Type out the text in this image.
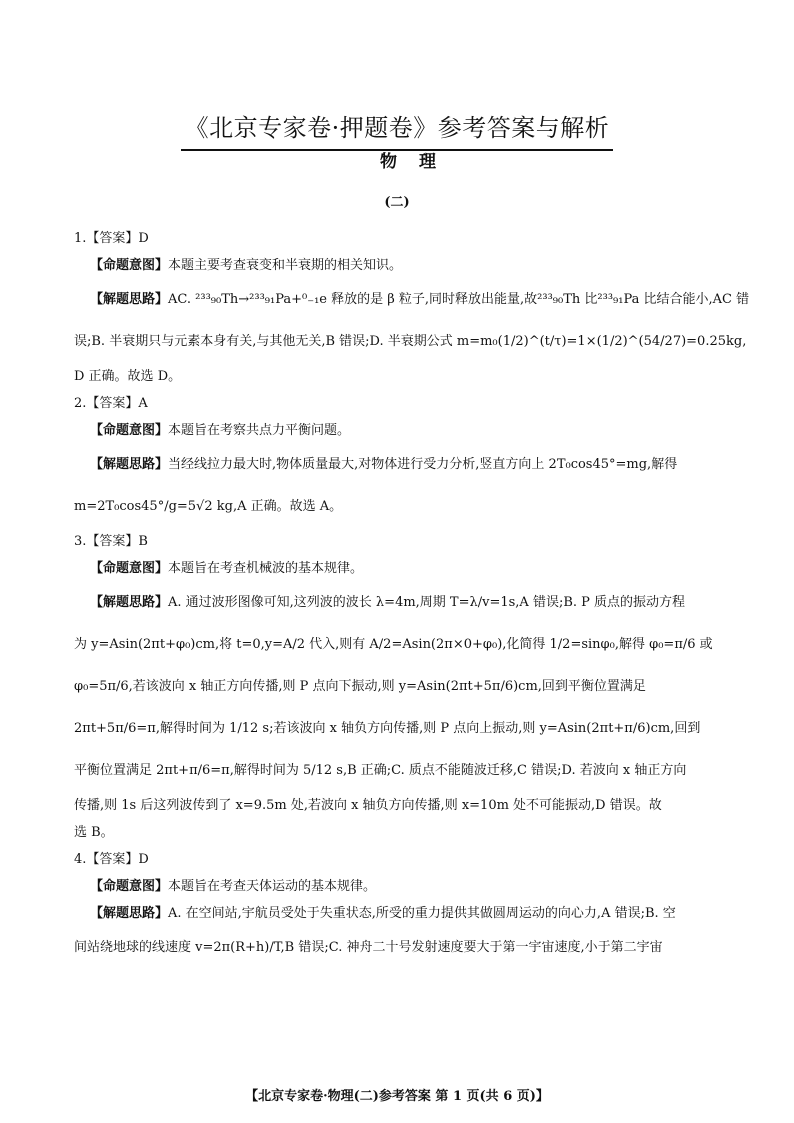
《北京专家卷·押题卷》参考答案与解析
物理
(二)
1.【答案】D
【命题意图】本题主要考查衰变和半衰期的相关知识。
【解题思路】AC. ²³³₉₀Th→²³³₉₁Pa+⁰₋₁e 释放的是 β 粒子,同时释放出能量,故²³³₉₀Th 比²³³₉₁Pa 比结合能小,AC 错
误;B. 半衰期只与元素本身有关,与其他无关,B 错误;D. 半衰期公式 m=m₀(1/2)^(t/τ)=1×(1/2)^(54/27)=0.25kg,
D 正确。故选 D。
2.【答案】A
【命题意图】本题旨在考察共点力平衡问题。
【解题思路】当经线拉力最大时,物体质量最大,对物体进行受力分析,竖直方向上 2T₀cos45°=mg,解得
m=2T₀cos45°/g=5√2 kg,A 正确。故选 A。
3.【答案】B
【命题意图】本题旨在考查机械波的基本规律。
【解题思路】A. 通过波形图像可知,这列波的波长 λ=4m,周期 T=λ/v=1s,A 错误;B. P 质点的振动方程
为 y=Asin(2πt+φ₀)cm,将 t=0,y=A/2 代入,则有 A/2=Asin(2π×0+φ₀),化简得 1/2=sinφ₀,解得 φ₀=π/6 或
φ₀=5π/6,若该波向 x 轴正方向传播,则 P 点向下振动,则 y=Asin(2πt+5π/6)cm,回到平衡位置满足
2πt+5π/6=π,解得时间为 1/12 s;若该波向 x 轴负方向传播,则 P 点向上振动,则 y=Asin(2πt+π/6)cm,回到
平衡位置满足 2πt+π/6=π,解得时间为 5/12 s,B 正确;C. 质点不能随波迁移,C 错误;D. 若波向 x 轴正方向
传播,则 1s 后这列波传到了 x=9.5m 处,若波向 x 轴负方向传播,则 x=10m 处不可能振动,D 错误。故
选 B。
4.【答案】D
【命题意图】本题旨在考查天体运动的基本规律。
【解题思路】A. 在空间站,宇航员受处于失重状态,所受的重力提供其做圆周运动的向心力,A 错误;B. 空
间站绕地球的线速度 v=2π(R+h)/T,B 错误;C. 神舟二十号发射速度要大于第一宇宙速度,小于第二宇宙
【北京专家卷·物理(二)参考答案 第 1 页(共 6 页)】
